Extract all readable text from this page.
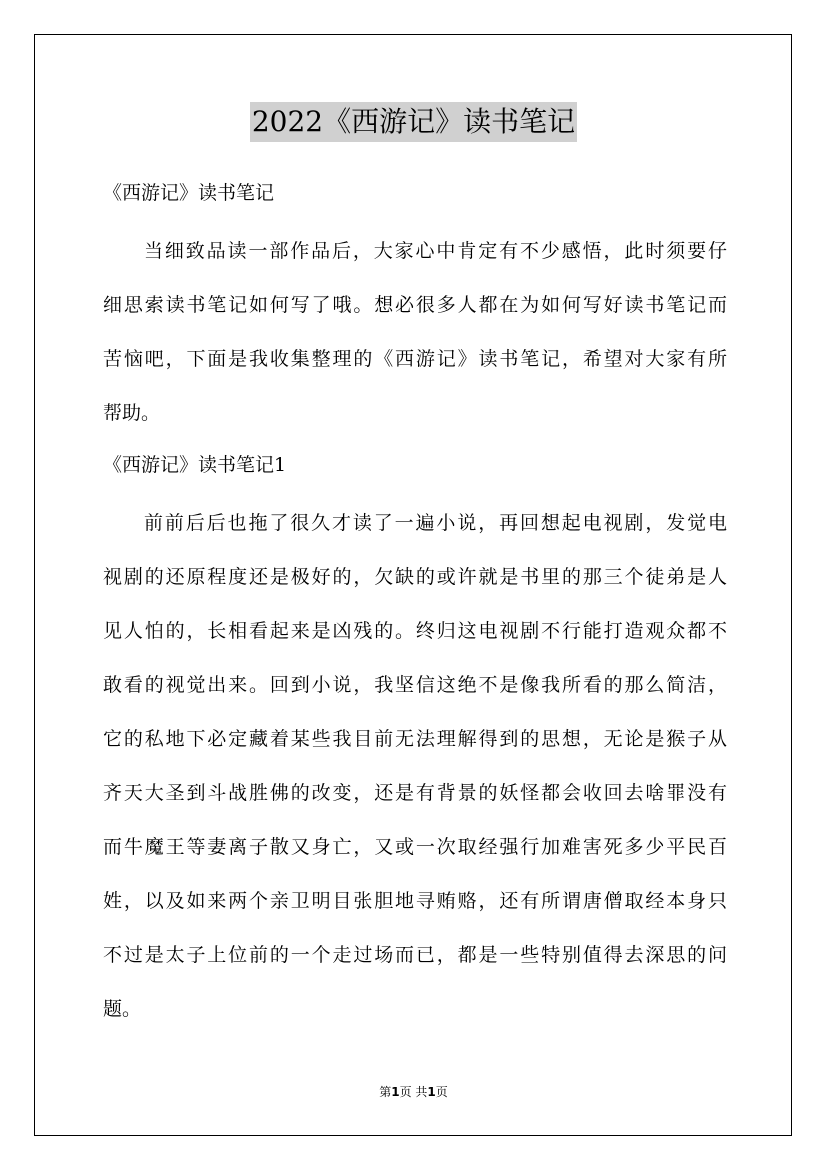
2022《西游记》读书笔记

《西游记》读书笔记

当细致品读一部作品后，大家心中肯定有不少感悟，此时须要仔

细思索读书笔记如何写了哦。想必很多人都在为如何写好读书笔记而

苦恼吧，下面是我收集整理的《西游记》读书笔记，希望对大家有所

帮助。

《西游记》读书笔记1

前前后后也拖了很久才读了一遍小说，再回想起电视剧，发觉电

视剧的还原程度还是极好的，欠缺的或许就是书里的那三个徒弟是人

见人怕的，长相看起来是凶残的。终归这电视剧不行能打造观众都不

敢看的视觉出来。回到小说，我坚信这绝不是像我所看的那么简洁，

它的私地下必定藏着某些我目前无法理解得到的思想，无论是猴子从

齐天大圣到斗战胜佛的改变，还是有背景的妖怪都会收回去啥罪没有

而牛魔王等妻离子散又身亡，又或一次取经强行加难害死多少平民百

姓，以及如来两个亲卫明目张胆地寻贿赂，还有所谓唐僧取经本身只

不过是太子上位前的一个走过场而已，都是一些特别值得去深思的问

题。

第1页 共1页
